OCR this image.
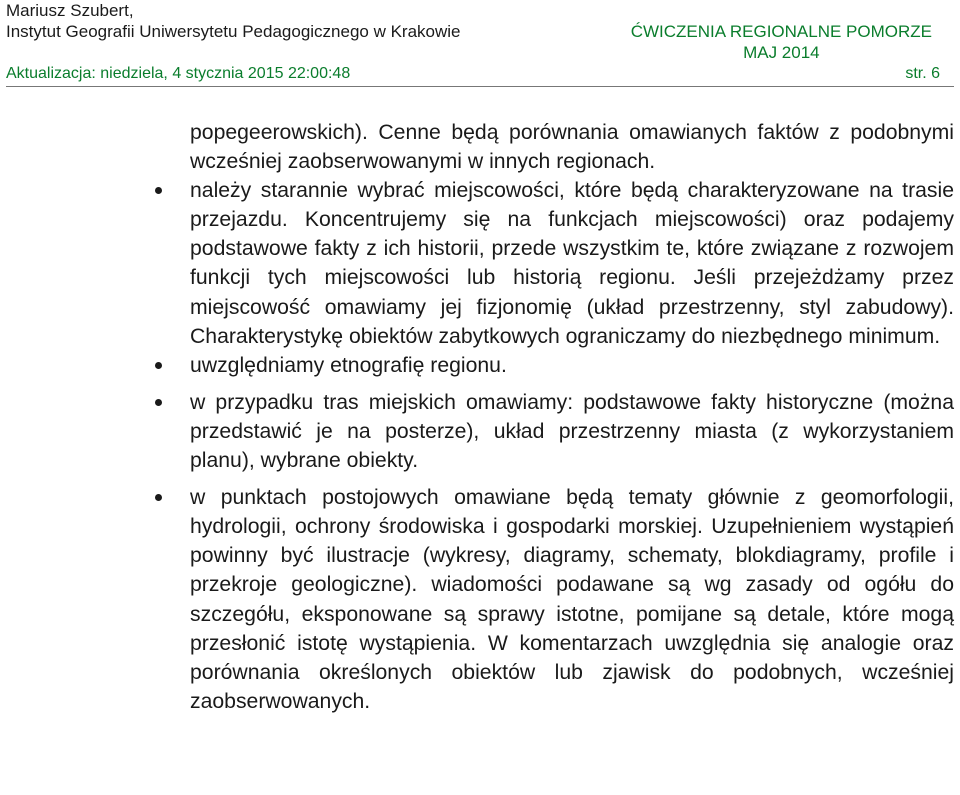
Mariusz Szubert,
Instytut Geografii Uniwersytetu Pedagogicznego w Krakowie	ĆWICZENIA REGIONALNE POMORZE
MAJ 2014
Aktualizacja: niedziela, 4 stycznia 2015 22:00:48	str. 6

popegeerowskich). Cenne będą porównania omawianych faktów z podobnymi wcześniej zaobserwowanymi w innych regionach.

należy starannie wybrać miejscowości, które będą charakteryzowane na trasie przejazdu. Koncentrujemy się na funkcjach miejscowości) oraz podajemy podstawowe fakty z ich historii, przede wszystkim te, które związane z rozwojem funkcji tych miejscowości lub historią regionu. Jeśli przejeżdżamy przez miejscowość omawiamy jej fizjonomię (układ przestrzenny, styl zabudowy). Charakterystykę obiektów zabytkowych ograniczamy do niezbędnego minimum.

uwzględniamy etnografię regionu.

w przypadku tras miejskich omawiamy: podstawowe fakty historyczne (można przedstawić je na posterze), układ przestrzenny miasta (z wykorzystaniem planu), wybrane obiekty.

w punktach postojowych omawiane będą tematy głównie z geomorfologii, hydrologii, ochrony środowiska i gospodarki morskiej. Uzupełnieniem wystąpień powinny być ilustracje (wykresy, diagramy, schematy, blokdiagramy, profile i przekroje geologiczne). wiadomości podawane są wg zasady od ogółu do szczegółu, eksponowane są sprawy istotne, pomijane są detale, które mogą przesłonić istotę wystąpienia. W komentarzach uwzględnia się analogie oraz porównania określonych obiektów lub zjawisk do podobnych, wcześniej zaobserwowanych.
